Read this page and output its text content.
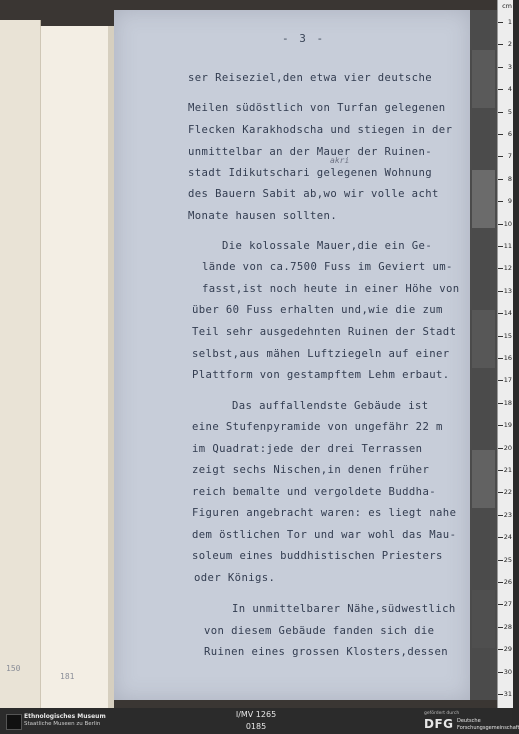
150
181
- 3 -
akri
ser Reiseziel,den etwa vier deutsche
Meilen südöstlich von Turfan gelegenen
Flecken Karakhodscha und stiegen in der
unmittelbar an der Mauer der Ruinen-
stadt Idikutschari gelegenen Wohnung
des Bauern Sabit ab,wo wir volle acht
Monate hausen sollten.
Die kolossale Mauer,die ein Ge-
lände von ca.7500 Fuss im Geviert um-
fasst,ist noch heute in einer Höhe von
über 60 Fuss erhalten und,wie die zum
Teil sehr ausgedehnten Ruinen der Stadt
selbst,aus mähen Luftziegeln auf einer
Plattform von gestampftem Lehm erbaut.
Das auffallendste Gebäude ist
eine Stufenpyramide von ungefähr 22 m
im Quadrat:jede der drei Terrassen
zeigt sechs Nischen,in denen früher
reich bemalte und vergoldete Buddha-
Figuren angebracht waren: es liegt nahe
dem östlichen Tor und war wohl das Mau-
soleum eines buddhistischen Priesters
oder Königs.
In unmittelbarer Nähe,südwestlich
von diesem Gebäude fanden sich die
Ruinen eines grossen Klosters,dessen
cm
1
2
3
4
5
6
7
8
9
10
11
12
13
14
15
16
17
18
19
20
21
22
23
24
25
26
27
28
29
30
31
Ethnologisches Museum
Staatliche Museen zu Berlin
I/MV 1265
0185
gefördert durch
DFG Deutsche
Forschungsgemeinschaft
